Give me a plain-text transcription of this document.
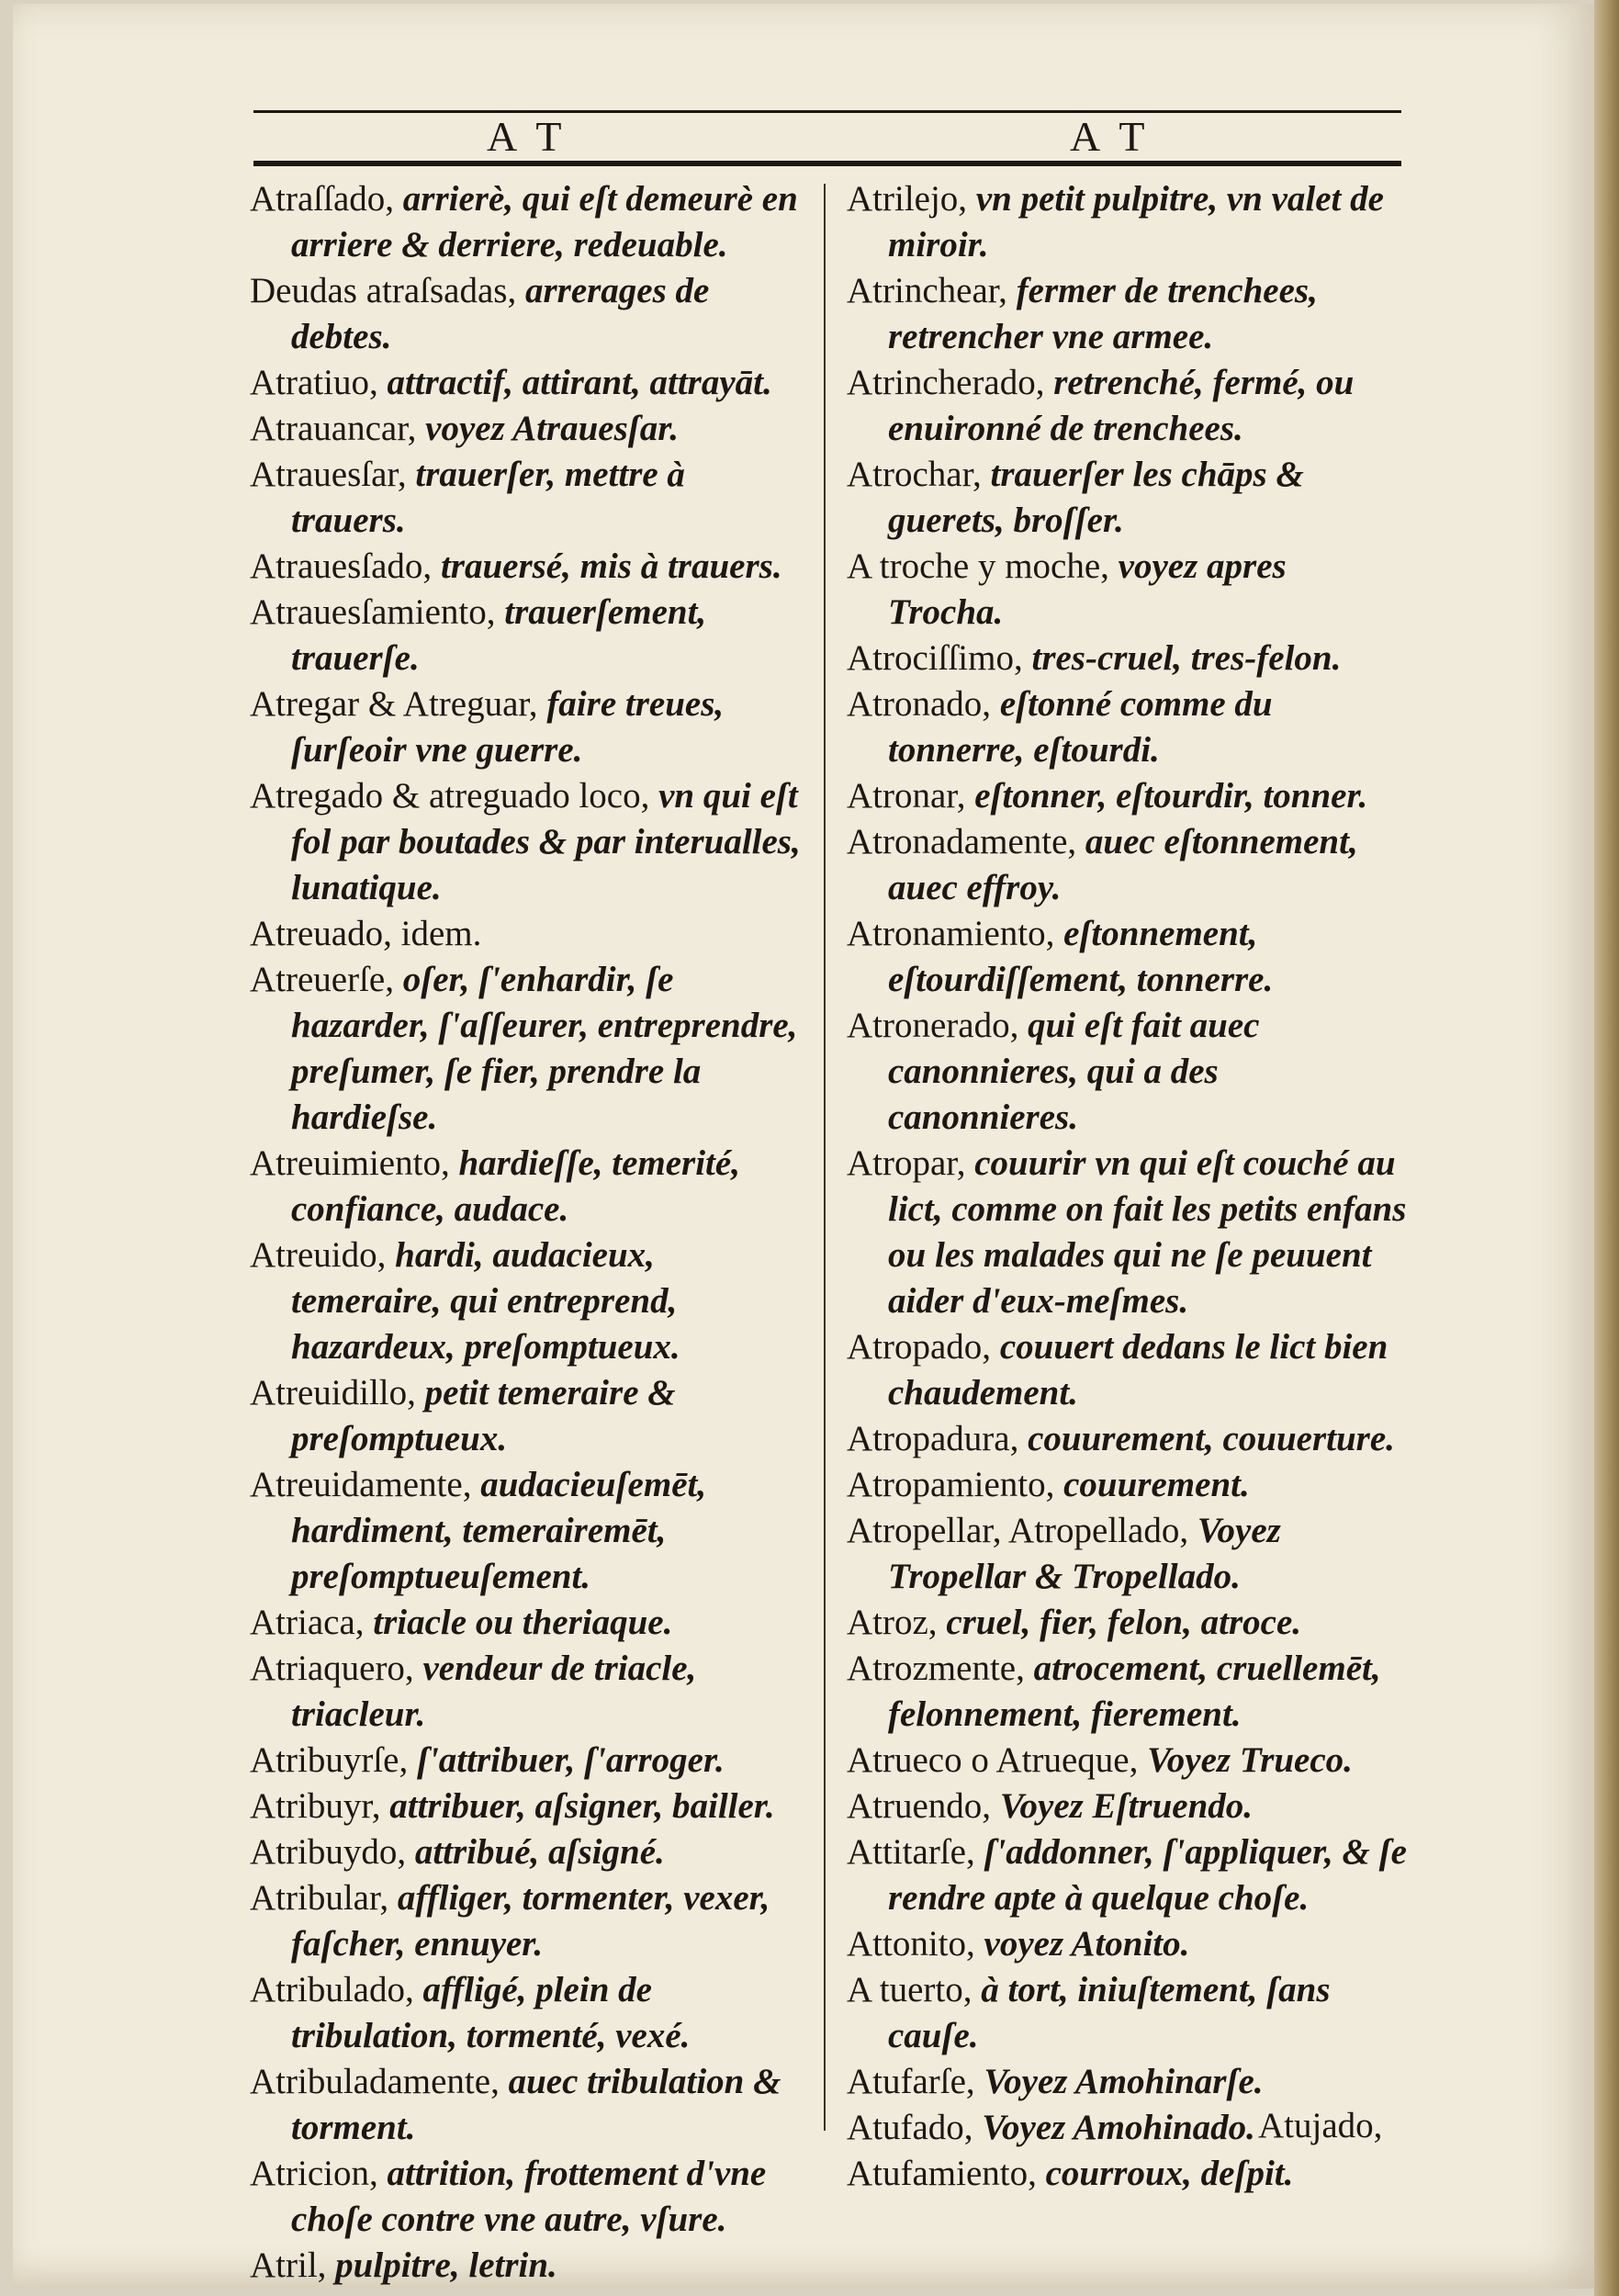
A T	A T

Atraſſado, arrierè, qui eſt demeurè en arriere & derriere, redeuable.

Deudas atraſsadas, arrerages de debtes.

Atratiuo, attractif, attirant, attrayāt.

Atrauancar, voyez Atrauesſar.

Atrauesſar, trauerſer, mettre à trauers.

Atrauesſado, trauersé, mis à trauers.

Atrauesſamiento, trauerſement, trauerſe.

Atregar & Atreguar, faire treues, ſurſeoir vne guerre.

Atregado & atreguado loco, vn qui eſt fol par boutades & par interualles, lunatique.

Atreuado, idem.

Atreuerſe, oſer, ſ'enhardir, ſe hazarder, ſ'aſſeurer, entreprendre, preſumer, ſe fier, prendre la hardieſse.

Atreuimiento, hardieſſe, temerité, confiance, audace.

Atreuido, hardi, audacieux, temeraire, qui entreprend, hazardeux, preſomptueux.

Atreuidillo, petit temeraire & preſomptueux.

Atreuidamente, audacieuſemēt, hardiment, temerairemēt, preſomptueuſement.

Atriaca, triacle ou theriaque.

Atriaquero, vendeur de triacle, triacleur.

Atribuyrſe, ſ'attribuer, ſ'arroger.

Atribuyr, attribuer, aſsigner, bailler.

Atribuydo, attribué, aſsigné.

Atribular, affliger, tormenter, vexer, faſcher, ennuyer.

Atribulado, affligé, plein de tribulation, tormenté, vexé.

Atribuladamente, auec tribulation & torment.

Atricion, attrition, frottement d'vne choſe contre vne autre, vſure.

Atril, pulpitre, letrin.

Atrilejo, vn petit pulpitre, vn valet de miroir.

Atrinchear, fermer de trenchees, retrencher vne armee.

Atrincherado, retrenché, fermé, ou enuironné de trenchees.

Atrochar, trauerſer les chāps & guerets, broſſer.

A troche y moche, voyez apres Trocha.

Atrociſſimo, tres-cruel, tres-felon.

Atronado, eſtonné comme du tonnerre, eſtourdi.

Atronar, eſtonner, eſtourdir, tonner.

Atronadamente, auec eſtonnement, auec effroy.

Atronamiento, eſtonnement, eſtourdiſſement, tonnerre.

Atronerado, qui eſt fait auec canonnieres, qui a des canonnieres.

Atropar, couurir vn qui eſt couché au lict, comme on fait les petits enfans ou les malades qui ne ſe peuuent aider d'eux-meſmes.

Atropado, couuert dedans le lict bien chaudement.

Atropadura, couurement, couuerture.

Atropamiento, couurement.

Atropellar, Atropellado, Voyez Tropellar & Tropellado.

Atroz, cruel, fier, felon, atroce.

Atrozmente, atrocement, cruellemēt, felonnement, fierement.

Atrueco o Atrueque, Voyez Trueco.

Atruendo, Voyez Eſtruendo.

Attitarſe, ſ'addonner, ſ'appliquer, & ſe rendre apte à quelque choſe.

Attonito, voyez Atonito.

A tuerto, à tort, iniuſtement, ſans cauſe.

Atufarſe, Voyez Amohinarſe.

Atufado, Voyez Amohinado.

Atufamiento, courroux, deſpit.

Atujado,
